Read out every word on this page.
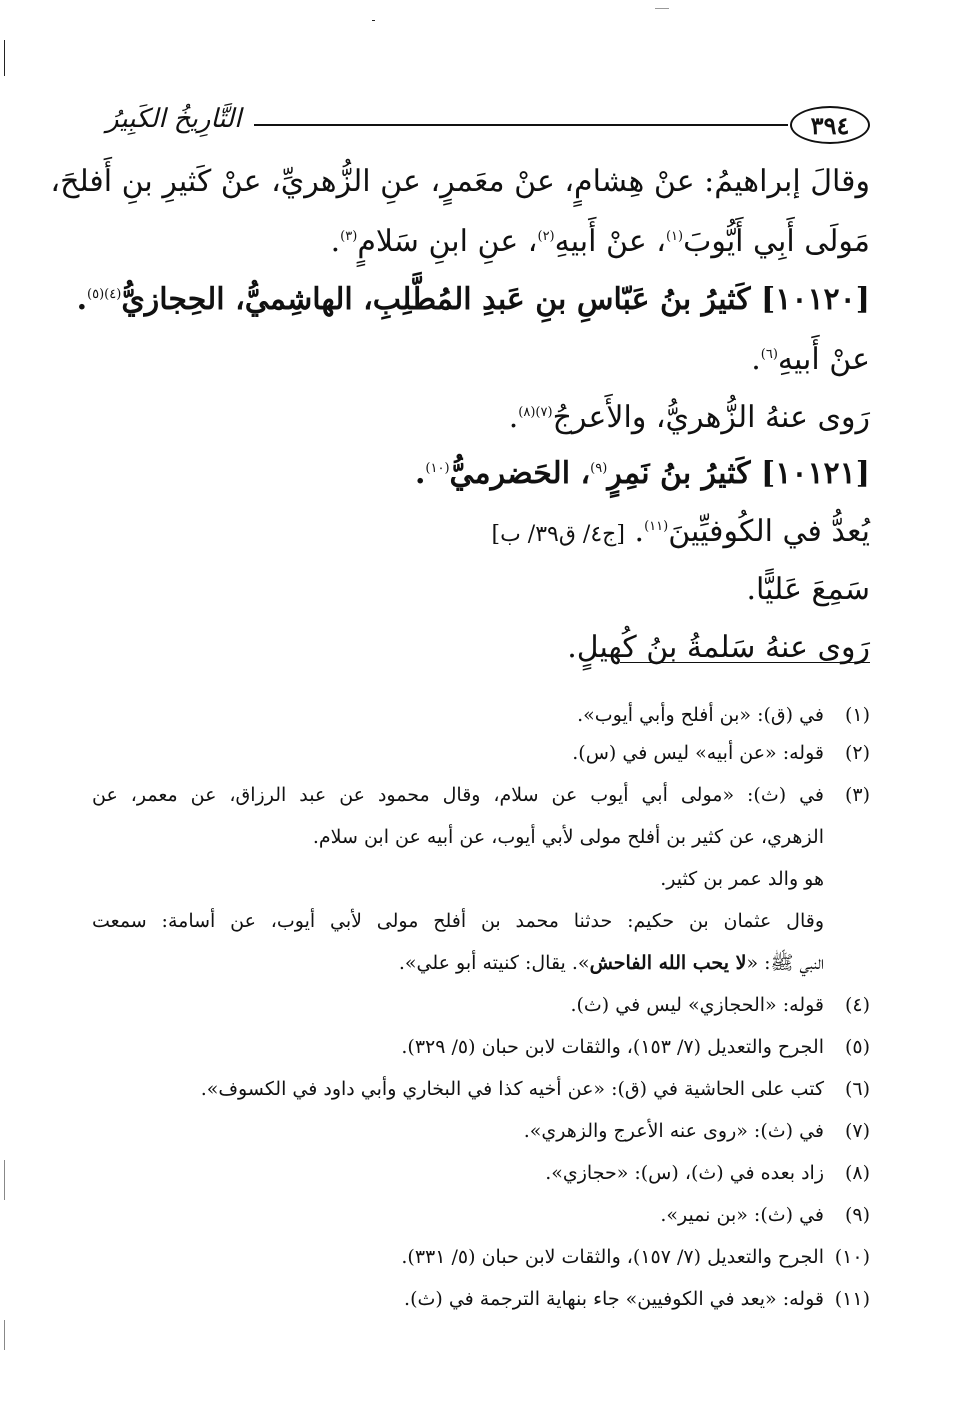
٣٩٤
التَّارِيخُ الكَبِيرُ
وقالَ إبراهيمُ: عنْ هِشامٍ، عنْ معَمرٍ، عنِ الزُّهريِّ، عنْ كَثيرِ بنِ أَفلحَ،
مَولَى أَبِي أَيُّوبَ$^{(١)}$، عنْ أَبيهِ$^{(٢)}$، عنِ ابنِ سَلامٍ$^{(٣)}$.
[١٠١٢٠] كَثيرُ بنُ عَبّاسِ بنِ عَبدِ المُطَّلِبِ، الهاشِميُّ، الحِجازيُّ$^{(٤)(٥)}$.
عنْ أَبيهِ$^{(٦)}$.
رَوى عنهُ الزُّهريُّ، والأَعرجُ$^{(٧)(٨)}$.
[١٠١٢١] كَثيرُ بنُ نَمِرٍ$^{(٩)}$، الحَضرميُّ$^{(١٠)}$.
يُعدُّ في الكُوفيِّينَ$^{(١١)}$. [ج٤/ ق٣٩/ ب]
سَمِعَ عَليًّا.
رَوى عنهُ سَلمةُ بنُ كُهيلٍ.
(١)في (ق): «بن أفلح وأبي أيوب».
(٢)قوله: «عن أبيه» ليس في (س).
(٣)في (ث): «مولى أبي أيوب عن سلام، وقال محمود عن عبد الرزاق، عن معمر، عن
الزهري، عن كثير بن أفلح مولى لأبي أيوب، عن أبيه عن ابن سلام.
هو والد عمر بن كثير.
وقال عثمان بن حكيم: حدثنا محمد بن أفلح مولى لأبي أيوب، عن أسامة: سمعت
النبي ﷺ: «لا يحب الله الفاحش». يقال: كنيته أبو علي».
(٤)قوله: «الحجازي» ليس في (ث).
(٥)الجرح والتعديل (٧/ ١٥٣)، والثقات لابن حبان (٥/ ٣٢٩).
(٦)كتب على الحاشية في (ق): «عن أخيه كذا في البخاري وأبي داود في الكسوف».
(٧)في (ث): «روى عنه الأعرج والزهري».
(٨)زاد بعده في (ث)، (س): «حجازي».
(٩)في (ث): «بن نمير».
(١٠)الجرح والتعديل (٧/ ١٥٧)، والثقات لابن حبان (٥/ ٣٣١).
(١١)قوله: «يعد في الكوفيين» جاء بنهاية الترجمة في (ث).
